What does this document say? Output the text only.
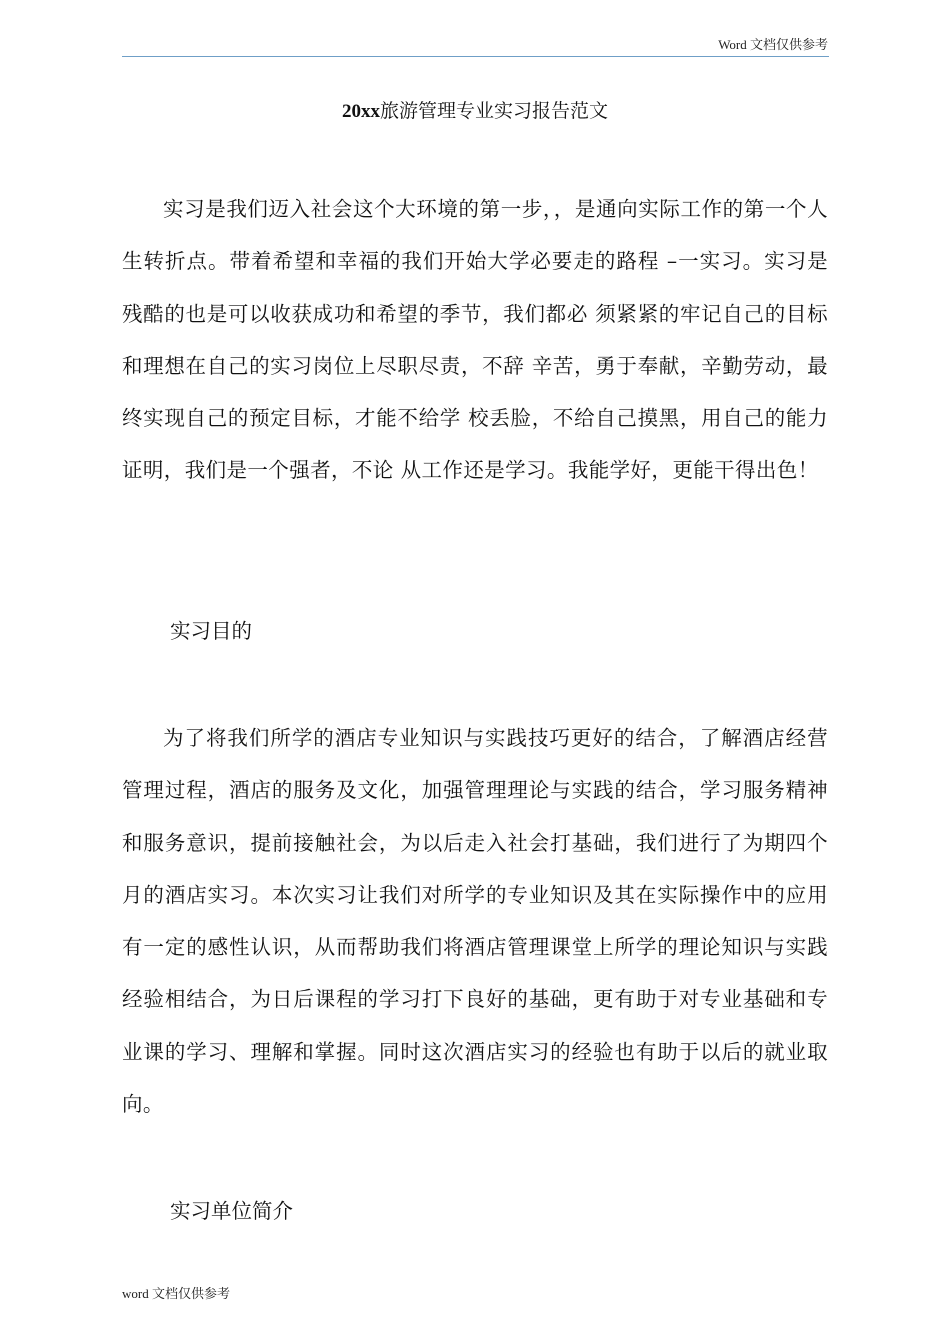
Word 文档仅供参考
20xx旅游管理专业实习报告范文

实习是我们迈入社会这个大环境的第一步，，是通向实际工作的第一个人生转折点。带着希望和幸福的我们开始大学必要走的路程 –一实习。实习是残酷的也是可以收获成功和希望的季节，我们都必 须紧紧的牢记自己的目标和理想在自己的实习岗位上尽职尽责，不辞 辛苦，勇于奉献，辛勤劳动，最终实现自己的预定目标，才能不给学 校丢脸，不给自己摸黑，用自己的能力证明，我们是一个强者，不论 从工作还是学习。我能学好，更能干得出色！

实习目的

为了将我们所学的酒店专业知识与实践技巧更好的结合，了解酒店经营管理过程，酒店的服务及文化，加强管理理论与实践的结合，学习服务精神和服务意识，提前接触社会，为以后走入社会打基础，我们进行了为期四个月的酒店实习。本次实习让我们对所学的专业知识及其在实际操作中的应用有一定的感性认识，从而帮助我们将酒店管理课堂上所学的理论知识与实践经验相结合，为日后课程的学习打下良好的基础，更有助于对专业基础和专业课的学习、理解和掌握。同时这次酒店实习的经验也有助于以后的就业取向。

实习单位简介

word 文档仅供参考
